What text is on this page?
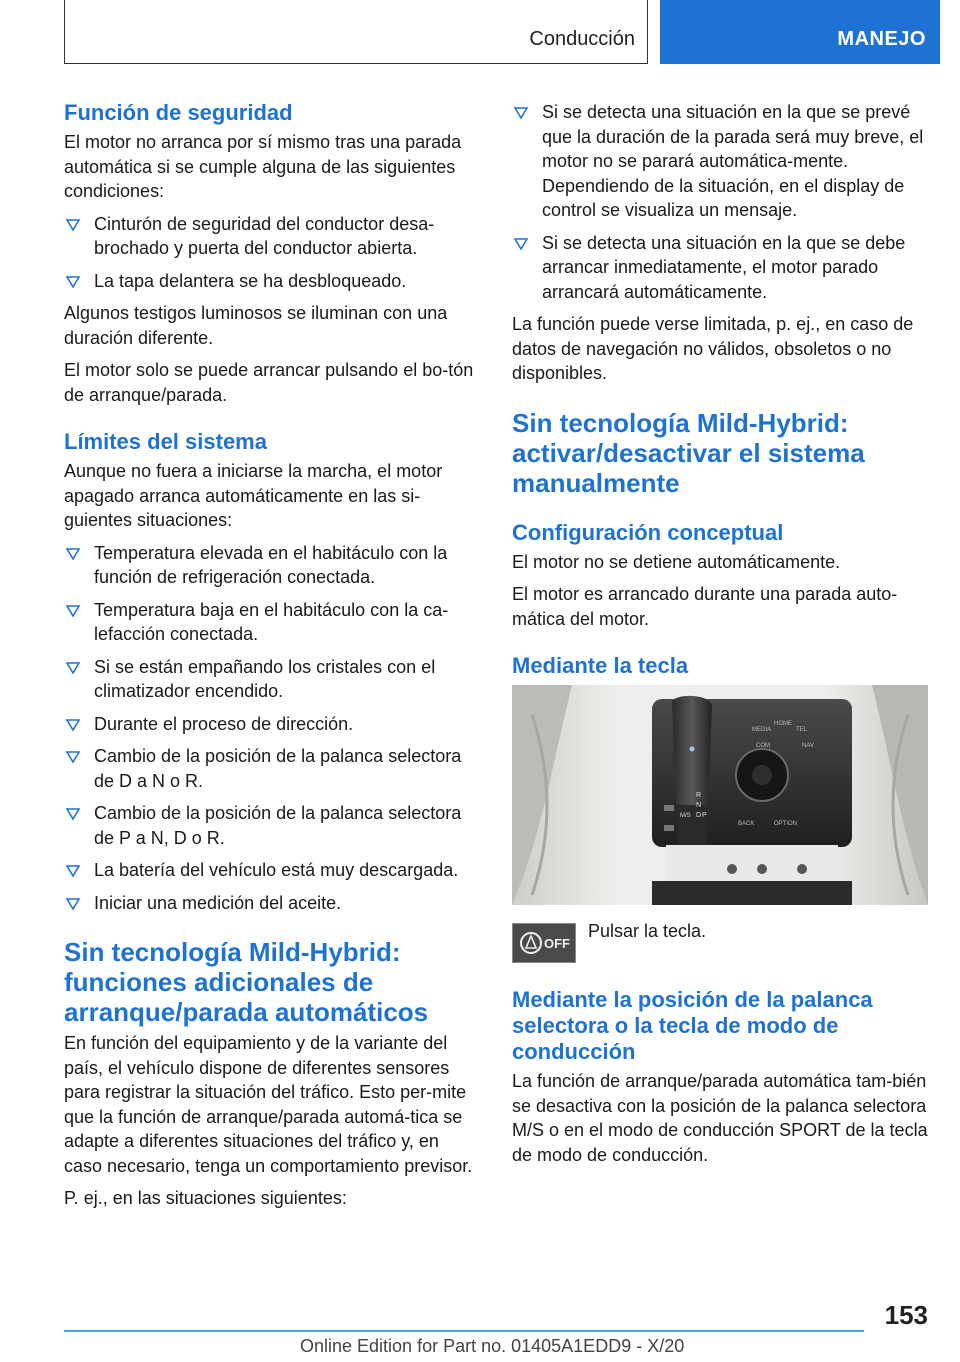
Conducción	MANEJO
Función de seguridad

El motor no arranca por sí mismo tras una parada automática si se cumple alguna de las siguientes condiciones:

Cinturón de seguridad del conductor desa‐brochado y puerta del conductor abierta.
La tapa delantera se ha desbloqueado.

Algunos testigos luminosos se iluminan con una duración diferente.

El motor solo se puede arrancar pulsando el bo‐tón de arranque/parada.

Límites del sistema

Aunque no fuera a iniciarse la marcha, el motor apagado arranca automáticamente en las si‐guientes situaciones:

Temperatura elevada en el habitáculo con la función de refrigeración conectada.
Temperatura baja en el habitáculo con la ca‐lefacción conectada.
Si se están empañando los cristales con el climatizador encendido.
Durante el proceso de dirección.
Cambio de la posición de la palanca selectora de D a N o R.
Cambio de la posición de la palanca selectora de P a N, D o R.
La batería del vehículo está muy descargada.
Iniciar una medición del aceite.
Sin tecnología Mild-Hybrid: funciones adicionales de arranque/parada automáticos

En función del equipamiento y de la variante del país, el vehículo dispone de diferentes sensores para registrar la situación del tráfico. Esto per‐mite que la función de arranque/parada automá‐tica se adapte a diferentes situaciones del tráfico y, en caso necesario, tenga un comportamiento previsor.

P. ej., en las situaciones siguientes:

Si se detecta una situación en la que se prevé que la duración de la parada será muy breve, el motor no se parará automática‐mente. Dependiendo de la situación, en el display de control se visualiza un mensaje.
Si se detecta una situación en la que se debe arrancar inmediatamente, el motor parado arrancará automáticamente.

La función puede verse limitada, p. ej., en caso de datos de navegación no válidos, obsoletos o no disponibles.

Sin tecnología Mild-Hybrid: activar/desactivar el sistema manualmente
Configuración conceptual

El motor no se detiene automáticamente.

El motor es arrancado durante una parada auto‐mática del motor.

Mediante la tecla
MEDIA
HOME
TEL
COM	NAV
BACK	OPTION
R
N
D P
M/S
OFF

Pulsar la tecla.

Mediante la posición de la palanca selectora o la tecla de modo de conducción

La función de arranque/parada automática tam‐bién se desactiva con la posición de la palanca selectora M/S o en el modo de conducción SPORT de la tecla de modo de conducción.

153
Online Edition for Part no. 01405A1EDD9 - X/20
